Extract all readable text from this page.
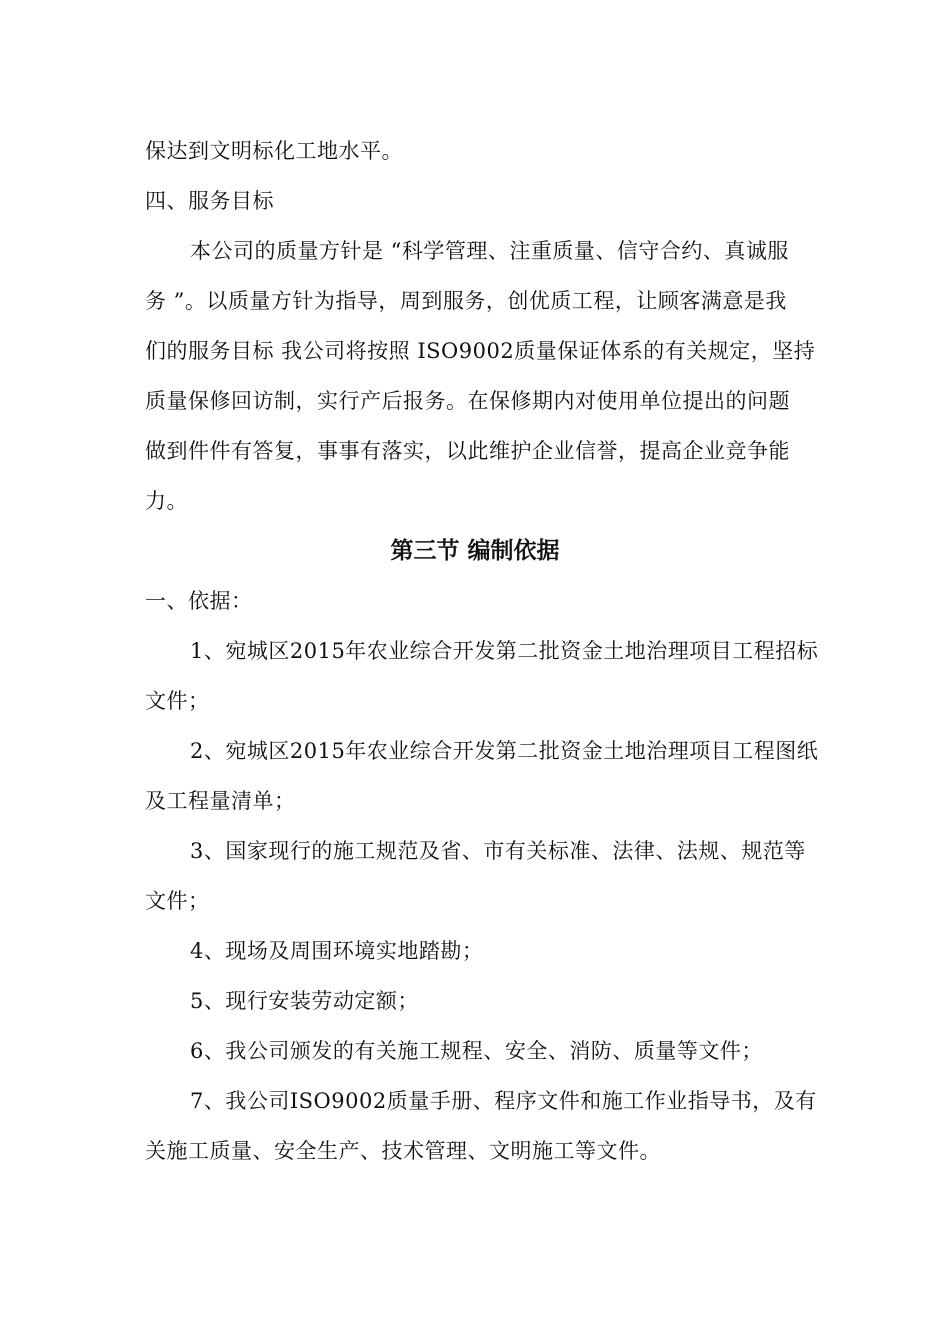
保达到文明标化工地水平。
四、服务目标
本公司的质量方针是 “科学管理、注重质量、信守合约、真诚服
务 ”。以质量方针为指导，周到服务，创优质工程，让顾客满意是我
们的服务目标 我公司将按照 ISO9002质量保证体系的有关规定，坚持
质量保修回访制，实行产后报务。在保修期内对使用单位提出的问题
做到件件有答复，事事有落实，以此维护企业信誉，提高企业竞争能
力。
第三节 编制依据
一、依据：
1、宛城区2015年农业综合开发第二批资金土地治理项目工程招标
文件；
2、宛城区2015年农业综合开发第二批资金土地治理项目工程图纸
及工程量清单；
3、国家现行的施工规范及省、市有关标准、法律、法规、规范等
文件；
4、现场及周围环境实地踏勘；
5、现行安装劳动定额；
6、我公司颁发的有关施工规程、安全、消防、质量等文件；
7、我公司ISO9002质量手册、程序文件和施工作业指导书，及有
关施工质量、安全生产、技术管理、文明施工等文件。
